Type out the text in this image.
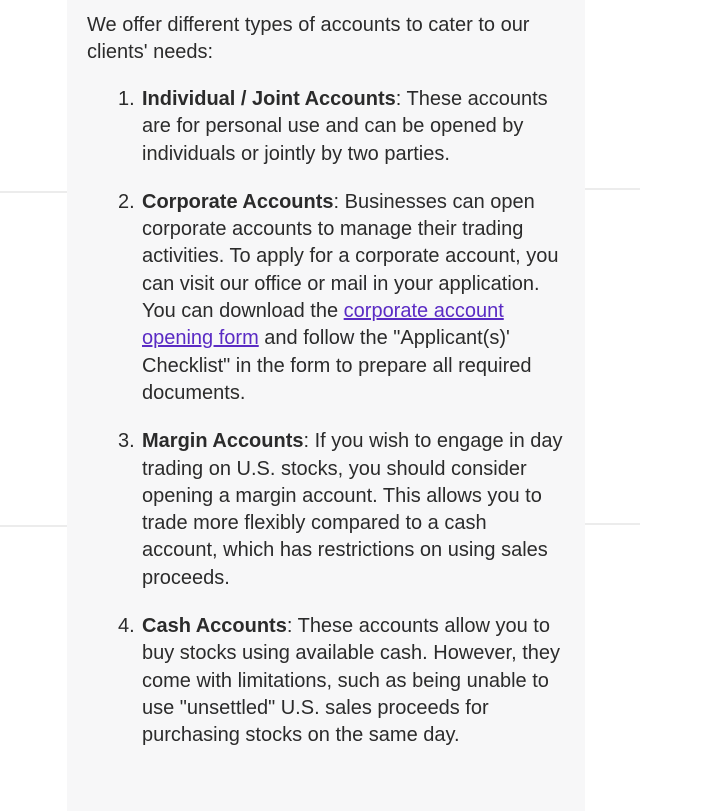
We offer different types of accounts to cater to our clients' needs:

1. Individual / Joint Accounts: These accounts are for personal use and can be opened by individuals or jointly by two parties.
2. Corporate Accounts: Businesses can open corporate accounts to manage their trading activities. To apply for a corporate account, you can visit our office or mail in your application. You can download the corporate account opening form and follow the "Applicant(s)' Checklist" in the form to prepare all required documents.
3. Margin Accounts: If you wish to engage in day trading on U.S. stocks, you should consider opening a margin account. This allows you to trade more flexibly compared to a cash account, which has restrictions on using sales proceeds.
4. Cash Accounts: These accounts allow you to buy stocks using available cash. However, they come with limitations, such as being unable to use "unsettled" U.S. sales proceeds for purchasing stocks on the same day.
